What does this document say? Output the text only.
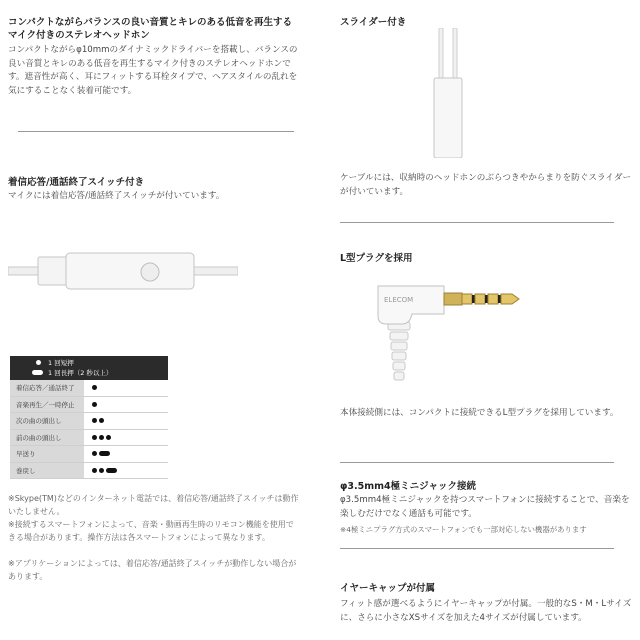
コンパクトながらバランスの良い音質とキレのある低音を再生するマイク付きのステレオヘッドホン
コンパクトながらφ10mmのダイナミックドライバーを搭載し、バランスの良い音質とキレのある低音を再生するマイク付きのステレオヘッドホンです。遮音性が高く、耳にフィットする耳栓タイプで、ヘアスタイルの乱れを気にすることなく装着可能です。
着信応答/通話終了スイッチ付き
マイクには着信応答/通話終了スイッチが付いています。
1 回短押
1 回長押（2 秒以上）
着信応答／通話終了
音楽再生／一時停止
次の曲の頭出し
前の曲の頭出し
早送り
巻戻し
※Skype(TM)などのインターネット電話では、着信応答/通話終了スイッチは動作いたしません。
※接続するスマートフォンによって、音楽・動画再生時のリモコン機能を使用できる場合があります。操作方法は各スマートフォンによって異なります。
※アプリケーションによっては、着信応答/通話終了スイッチが動作しない場合があります。
スライダー付き
ケーブルには、収納時のヘッドホンのぶらつきやからまりを防ぐスライダーが付いています。
L型プラグを採用
ELECOM
本体接続側には、コンパクトに接続できるL型プラグを採用しています。
φ3.5mm4極ミニジャック接続
φ3.5mm4極ミニジャックを持つスマートフォンに接続することで、音楽を楽しむだけでなく通話も可能です。
※4極ミニプラグ方式のスマートフォンでも一部対応しない機器があります
イヤーキャップが付属
フィット感が選べるようにイヤーキャップが付属。一般的なS・M・Lサイズに、さらに小さなXSサイズを加えた4サイズが付属しています。
